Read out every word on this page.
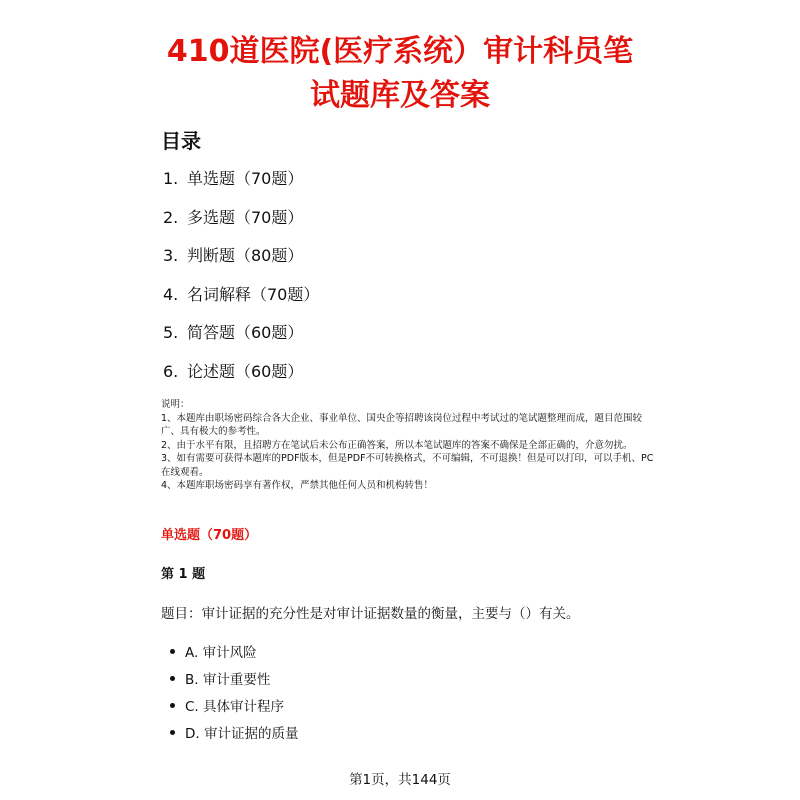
410道医院(医疗系统）审计科员笔
试题库及答案
目录
1. 单选题（70题）
2. 多选题（70题）
3. 判断题（80题）
4. 名词解释（70题）
5. 简答题（60题）
6. 论述题（60题）

说明：

1、本题库由职场密码综合各大企业、事业单位、国央企等招聘该岗位过程中考试过的笔试题整理而成，题目范围较广、具有极大的参考性。

2、由于水平有限，且招聘方在笔试后未公布正确答案，所以本笔试题库的答案不确保是全部正确的，介意勿扰。

3、如有需要可获得本题库的PDF版本，但是PDF不可转换格式，不可编辑，不可退换！但是可以打印，可以手机、PC在线观看。

4、本题库职场密码享有著作权，严禁其他任何人员和机构转售！

单选题（70题）
第 1 题
题目：审计证据的充分性是对审计证据数量的衡量，主要与（）有关。
A. 审计风险
B. 审计重要性
C. 具体审计程序
D. 审计证据的质量
第1页，共144页
